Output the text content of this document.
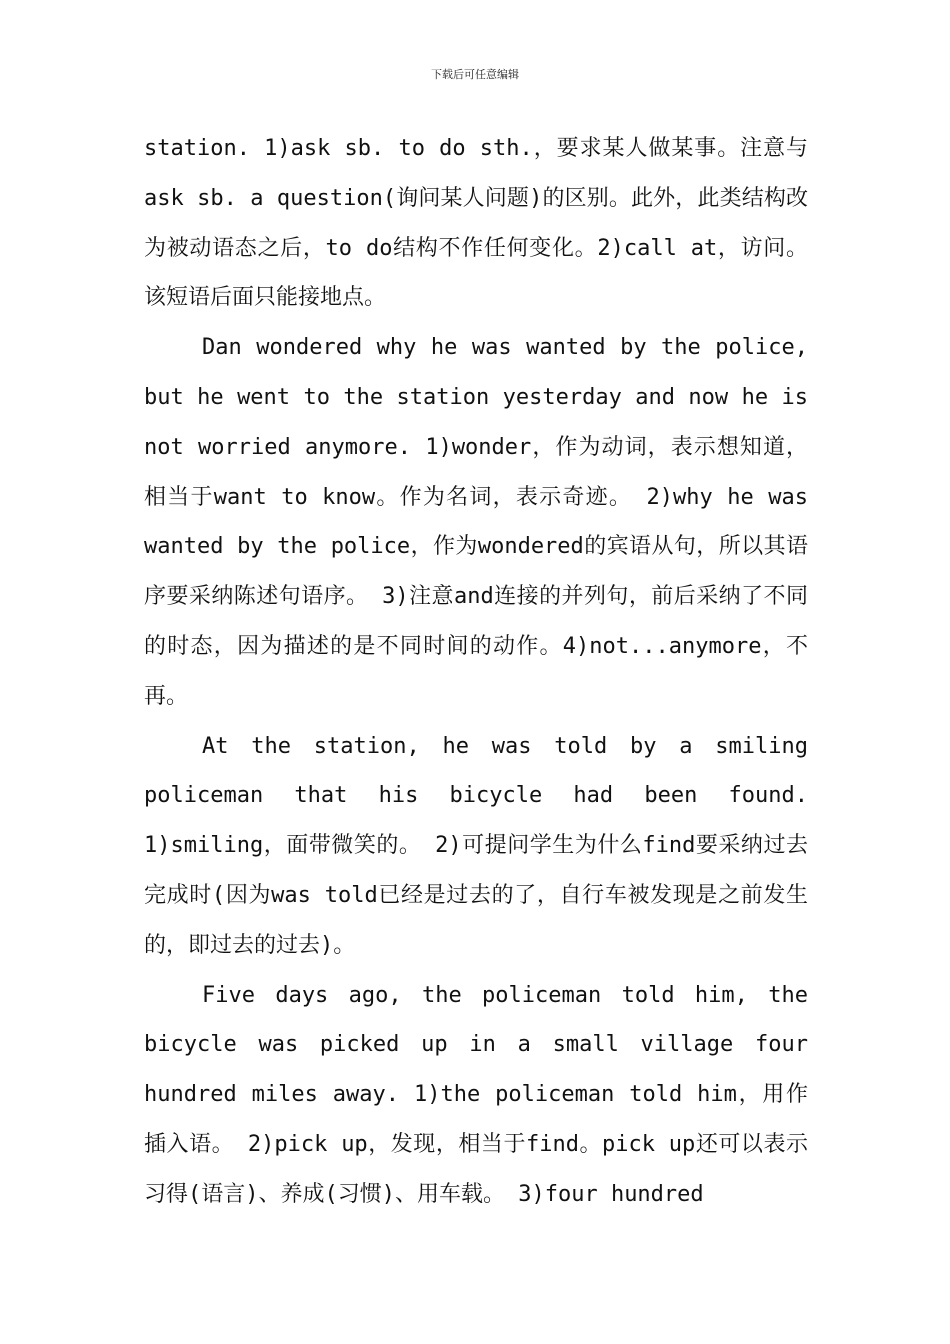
下载后可任意编辑

station. 1)ask sb. to do sth.，要求某人做某事。注意与ask sb. a question(询问某人问题)的区别。此外，此类结构改为被动语态之后，to do结构不作任何变化。2)call at，访问。该短语后面只能接地点。

Dan wondered why he was wanted by the police, but he went to the station yesterday and now he is not worried anymore. 1)wonder，作为动词，表示想知道，相当于want to know。作为名词，表示奇迹。 2)why he was wanted by the police，作为wondered的宾语从句，所以其语序要采纳陈述句语序。 3)注意and连接的并列句，前后采纳了不同的时态，因为描述的是不同时间的动作。4)not...anymore，不再。

At the station, he was told by a smiling policeman that his bicycle had been found. 1)smiling，面带微笑的。 2)可提问学生为什么find要采纳过去完成时(因为was told已经是过去的了，自行车被发现是之前发生的，即过去的过去)。

Five days ago, the policeman told him, the bicycle was picked up in a small village four hundred miles away. 1)the policeman told him，用作插入语。 2)pick up，发现，相当于find。pick up还可以表示习得(语言)、养成(习惯)、用车载。 3)four hundred
